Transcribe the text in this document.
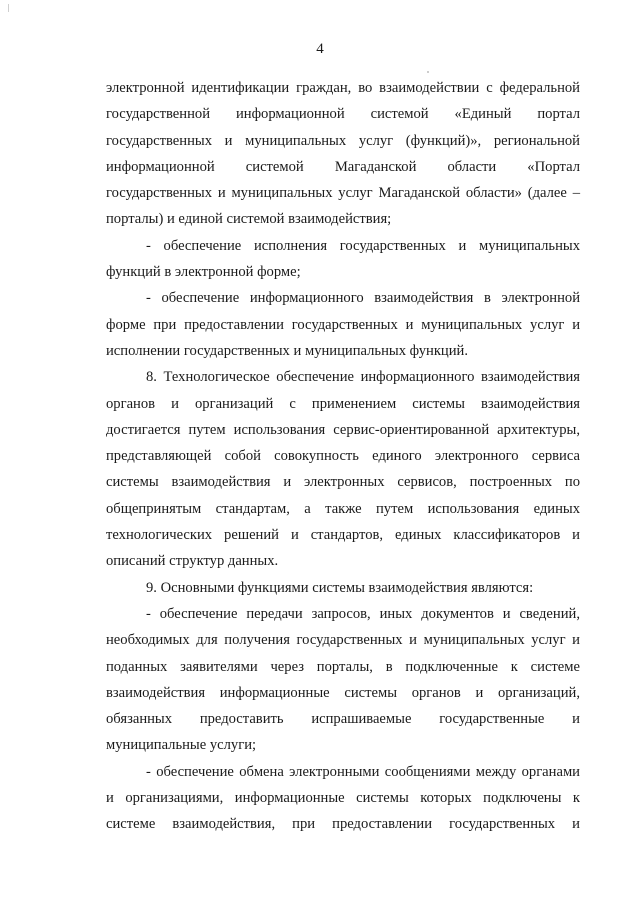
4
электронной идентификации граждан, во взаимодействии с федеральной
государственной информационной системой «Единый портал
государственных и муниципальных услуг (функций)», региональной
информационной системой Магаданской области «Портал
государственных и муниципальных услуг Магаданской области» (далее –
порталы) и единой системой взаимодействия;
- обеспечение исполнения государственных и муниципальных
функций в электронной форме;
- обеспечение информационного взаимодействия в электронной
форме при предоставлении государственных и муниципальных услуг и
исполнении государственных и муниципальных функций.
8. Технологическое обеспечение информационного взаимодействия
органов и организаций с применением системы взаимодействия
достигается путем использования сервис-ориентированной архитектуры,
представляющей собой совокупность единого электронного сервиса
системы взаимодействия и электронных сервисов, построенных по
общепринятым стандартам, а также путем использования единых
технологических решений и стандартов, единых классификаторов и
описаний структур данных.
9. Основными функциями системы взаимодействия являются:
- обеспечение передачи запросов, иных документов и сведений,
необходимых для получения государственных и муниципальных услуг и
поданных заявителями через порталы, в подключенные к системе
взаимодействия информационные системы органов и организаций,
обязанных предоставить испрашиваемые государственные и
муниципальные услуги;
- обеспечение обмена электронными сообщениями между органами
и организациями, информационные системы которых подключены к
системе взаимодействия, при предоставлении государственных и
